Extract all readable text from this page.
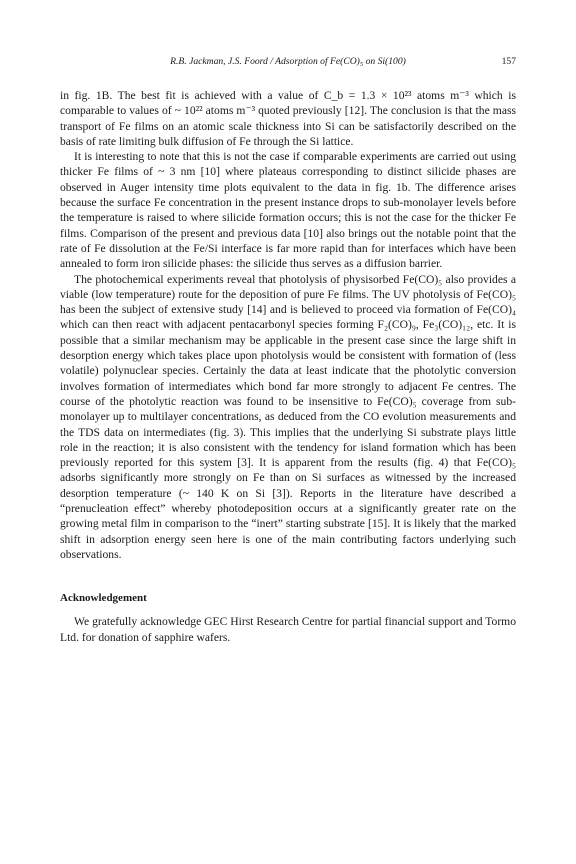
R.B. Jackman, J.S. Foord / Adsorption of Fe(CO)₅ on Si(100)	157

in fig. 1B. The best fit is achieved with a value of C_b = 1.3 × 10²³ atoms m⁻³ which is comparable to values of ~ 10²² atoms m⁻³ quoted previously [12]. The conclusion is that the mass transport of Fe films on an atomic scale thickness into Si can be satisfactorily described on the basis of rate limiting bulk diffusion of Fe through the Si lattice.

It is interesting to note that this is not the case if comparable experiments are carried out using thicker Fe films of ~ 3 nm [10] where plateaus corresponding to distinct silicide phases are observed in Auger intensity time plots equivalent to the data in fig. 1b. The difference arises because the surface Fe concentration in the present instance drops to sub-monolayer levels before the temperature is raised to where silicide formation occurs; this is not the case for the thicker Fe films. Comparison of the present and previous data [10] also brings out the notable point that the rate of Fe dissolution at the Fe/Si interface is far more rapid than for interfaces which have been annealed to form iron silicide phases: the silicide thus serves as a diffusion barrier.

The photochemical experiments reveal that photolysis of physisorbed Fe(CO)₅ also provides a viable (low temperature) route for the deposition of pure Fe films. The UV photolysis of Fe(CO)₅ has been the subject of extensive study [14] and is believed to proceed via formation of Fe(CO)₄ which can then react with adjacent pentacarbonyl species forming F₂(CO)₉, Fe₃(CO)₁₂, etc. It is possible that a similar mechanism may be applicable in the present case since the large shift in desorption energy which takes place upon photolysis would be consistent with formation of (less volatile) polynuclear species. Certainly the data at least indicate that the photolytic conversion involves formation of intermediates which bond far more strongly to adjacent Fe centres. The course of the photolytic reaction was found to be insensitive to Fe(CO)₅ coverage from sub-monolayer up to multilayer concentrations, as deduced from the CO evolution measurements and the TDS data on intermediates (fig. 3). This implies that the underlying Si substrate plays little role in the reaction; it is also consistent with the tendency for island formation which has been previously reported for this system [3]. It is apparent from the results (fig. 4) that Fe(CO)₅ adsorbs significantly more strongly on Fe than on Si surfaces as witnessed by the increased desorption temperature (~ 140 K on Si [3]). Reports in the literature have described a “prenucleation effect” whereby photodeposition occurs at a significantly greater rate on the growing metal film in comparison to the “inert” starting substrate [15]. It is likely that the marked shift in adsorption energy seen here is one of the main contributing factors underlying such observations.

Acknowledgement

We gratefully acknowledge GEC Hirst Research Centre for partial financial support and Tormo Ltd. for donation of sapphire wafers.
